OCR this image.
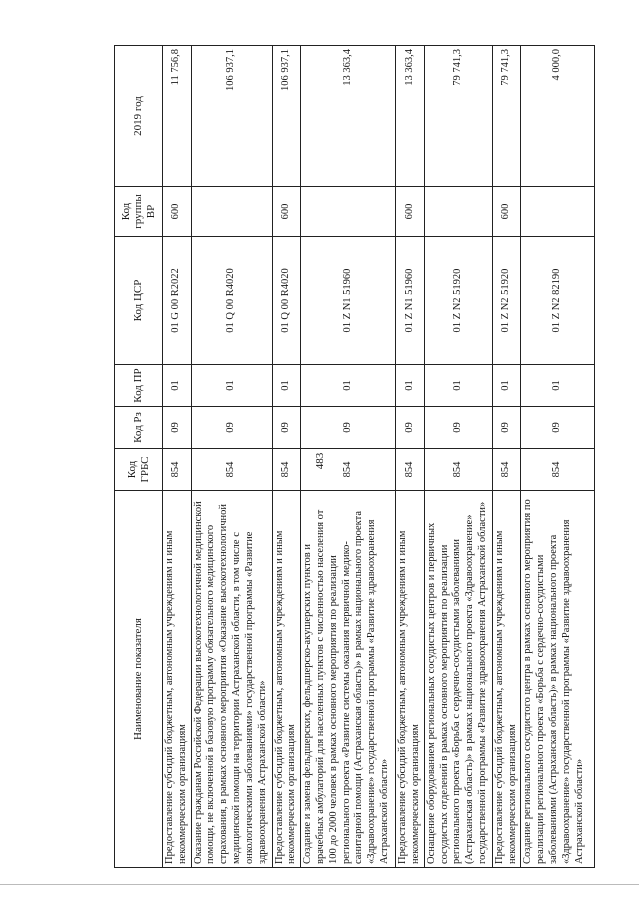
483
Наименование показателя	Код ГРБС	Код Рз	Код ПР	Код ЦСР	Код группы ВР	2019 год
Предоставление субсидий бюджетным, автономным учреждениям и иным некоммерческим организациям	854	09	01	01 G 00 R2022	600	11 756,8
Оказание гражданам Российской Федерации высокотехнологичной медицинской помощи, не включенной в базовую программу обязательного медицинского страхования, в рамках основного мероприятия «Оказание высокотехнологичной медицинской помощи на территории Астраханской области, в том числе с онкологическими заболеваниями» государственной программы «Развитие здравоохранения Астраханской области»	854	09	01	01 Q 00 R4020		106 937,1
Предоставление субсидий бюджетным, автономным учреждениям и иным некоммерческим организациям	854	09	01	01 Q 00 R4020	600	106 937,1
Создание и замена фельдшерских, фельдшерско-акушерских пунктов и врачебных амбулаторий для населенных пунктов с численностью населения от 100 до 2000 человек в рамках основного мероприятия по реализации регионального проекта «Развитие системы оказания первичной медико-санитарной помощи (Астраханская область)» в рамках национального проекта «Здравоохранение» государственной программы «Развитие здравоохранения Астраханской области»	854	09	01	01 Z N1 51960		13 363,4
Предоставление субсидий бюджетным, автономным учреждениям и иным некоммерческим организациям	854	09	01	01 Z N1 51960	600	13 363,4
Оснащение оборудованием региональных сосудистых центров и первичных сосудистых отделений в рамках основного мероприятия по реализации регионального проекта «Борьба с сердечно-сосудистыми заболеваниями (Астраханская область)» в рамках национального проекта «Здравоохранение» государственной программы «Развитие здравоохранения Астраханской области»	854	09	01	01 Z N2 51920		79 741,3
Предоставление субсидий бюджетным, автономным учреждениям и иным некоммерческим организациям	854	09	01	01 Z N2 51920	600	79 741,3
Создание регионального сосудистого центра в рамках основного мероприятия по реализации регионального проекта «Борьба с сердечно-сосудистыми заболеваниями (Астраханская область)» в рамках национального проекта «Здравоохранение» государственной программы «Развитие здравоохранения Астраханской области»	854	09	01	01 Z N2 82190		4 000,0
